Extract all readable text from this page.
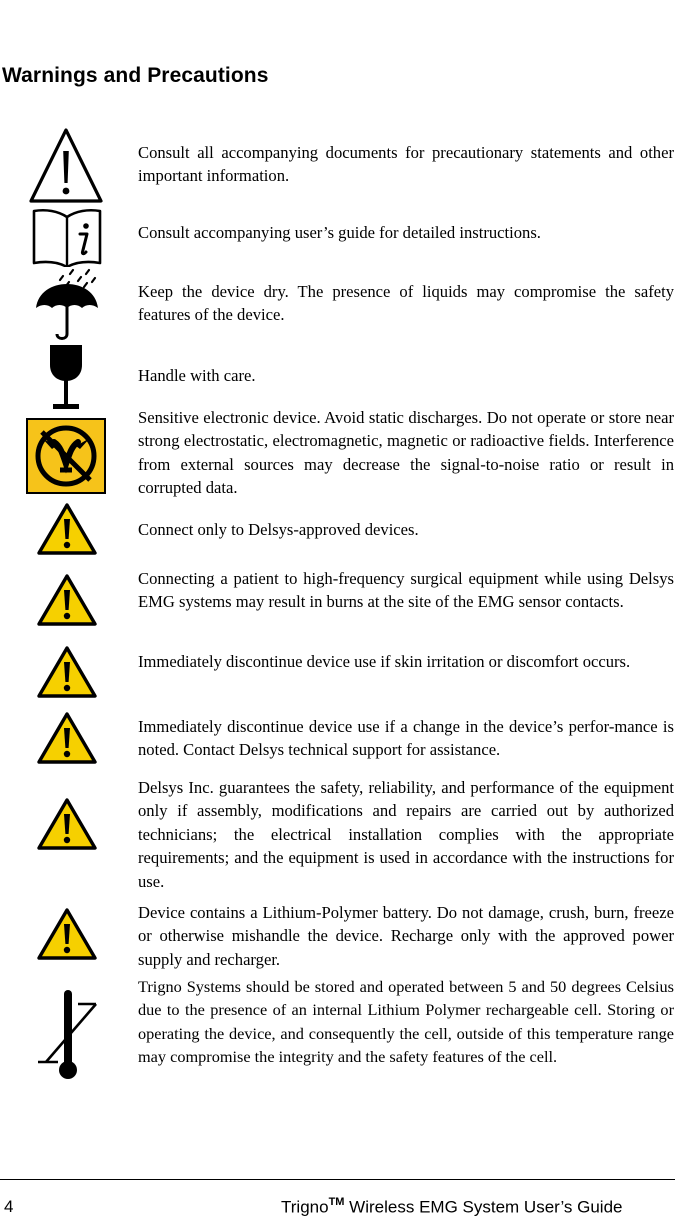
Warnings and Precautions

Consult all accompanying documents for precautionary statements and other important information.

Consult accompanying user’s guide for detailed instructions.

Keep the device dry. The presence of liquids may compromise the safety features of the device.

Handle with care.

Sensitive electronic device. Avoid static discharges. Do not operate or store near strong electrostatic, electromagnetic, magnetic or radioactive fields. Interference from external sources may decrease the signal-to-noise ratio or result in corrupted data.

Connect only to Delsys-approved devices.

Connecting a patient to high-frequency surgical equipment while using Delsys EMG systems may result in burns at the site of the EMG sensor contacts.

Immediately discontinue device use if skin irritation or discomfort occurs.

Immediately discontinue device use if a change in the device’s perfor-mance is noted. Contact Delsys technical support for assistance.

Delsys Inc. guarantees the safety, reliability, and performance of the equipment only if assembly, modifications and repairs are carried out by authorized technicians; the electrical installation complies with the appropriate requirements; and the equipment is used in accordance with the instructions for use.

Device contains a Lithium-Polymer battery. Do not damage, crush, burn, freeze or otherwise mishandle the device. Recharge only with the approved power supply and recharger.

Trigno Systems should be stored and operated between 5 and 50 degrees Celsius due to the presence of an internal Lithium Polymer rechargeable cell. Storing or operating the device, and consequently the cell, outside of this temperature range may compromise the integrity and the safety features of the cell.

4	Trigno™ Wireless EMG System User’s Guide
